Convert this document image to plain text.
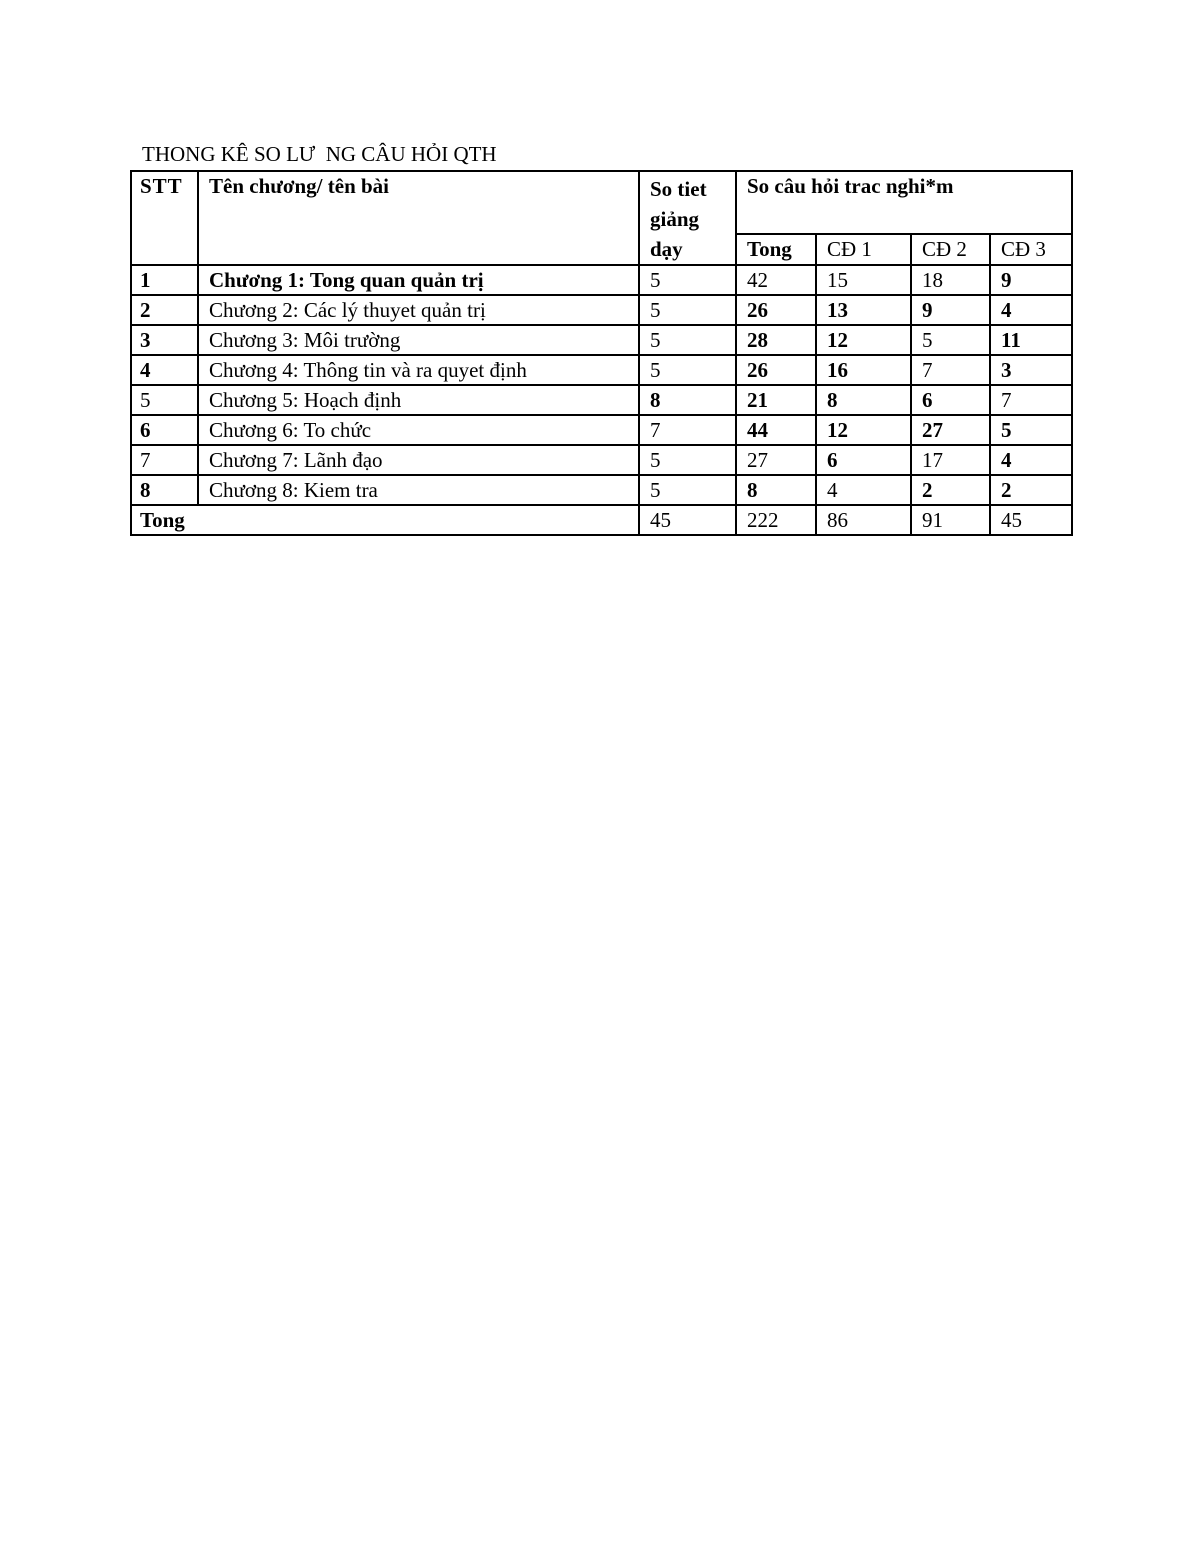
THONG KÊ SO LƯ  NG CÂU HỎI QTH
STT	Tên chương/ tên bài	So tiet giảng dạy	So câu hỏi trac nghi*m			
			Tong	CĐ 1	CĐ 2	CĐ 3
1	Chương 1: Tong quan quản trị	5	42	15	18	9
2	Chương 2: Các lý thuyet quản trị	5	26	13	9	4
3	Chương 3: Môi trường	5	28	12	5	11
4	Chương 4: Thông tin và ra quyet định	5	26	16	7	3
5	Chương 5: Hoạch định	8	21	8	6	7
6	Chương 6: To chức	7	44	12	27	5
7	Chương 7: Lãnh đạo	5	27	6	17	4
8	Chương 8: Kiem tra	5	8	4	2	2
Tong		45	222	86	91	45
